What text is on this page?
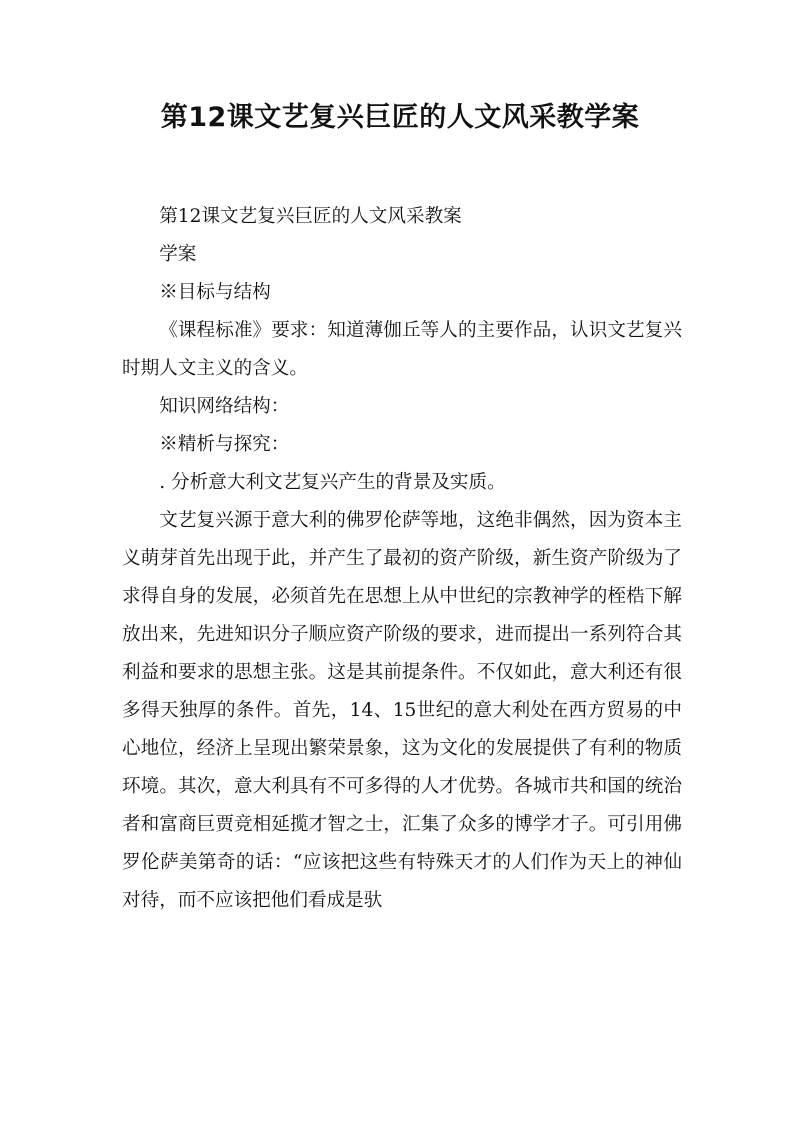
第12课文艺复兴巨匠的人文风采教学案

第12课文艺复兴巨匠的人文风采教案

学案

※目标与结构

《课程标准》要求：知道薄伽丘等人的主要作品，认识文艺复兴时期人文主义的含义。

知识网络结构：

※精析与探究：

. 分析意大利文艺复兴产生的背景及实质。

文艺复兴源于意大利的佛罗伦萨等地，这绝非偶然，因为资本主义萌芽首先出现于此，并产生了最初的资产阶级，新生资产阶级为了求得自身的发展，必须首先在思想上从中世纪的宗教神学的桎梏下解放出来，先进知识分子顺应资产阶级的要求，进而提出一系列符合其利益和要求的思想主张。这是其前提条件。不仅如此，意大利还有很多得天独厚的条件。首先，14、15世纪的意大利处在西方贸易的中心地位，经济上呈现出繁荣景象，这为文化的发展提供了有利的物质环境。其次，意大利具有不可多得的人才优势。各城市共和国的统治者和富商巨贾竞相延揽才智之士，汇集了众多的博学才子。可引用佛罗伦萨美第奇的话：“应该把这些有特殊天才的人们作为天上的神仙对待，而不应该把他们看成是驮
